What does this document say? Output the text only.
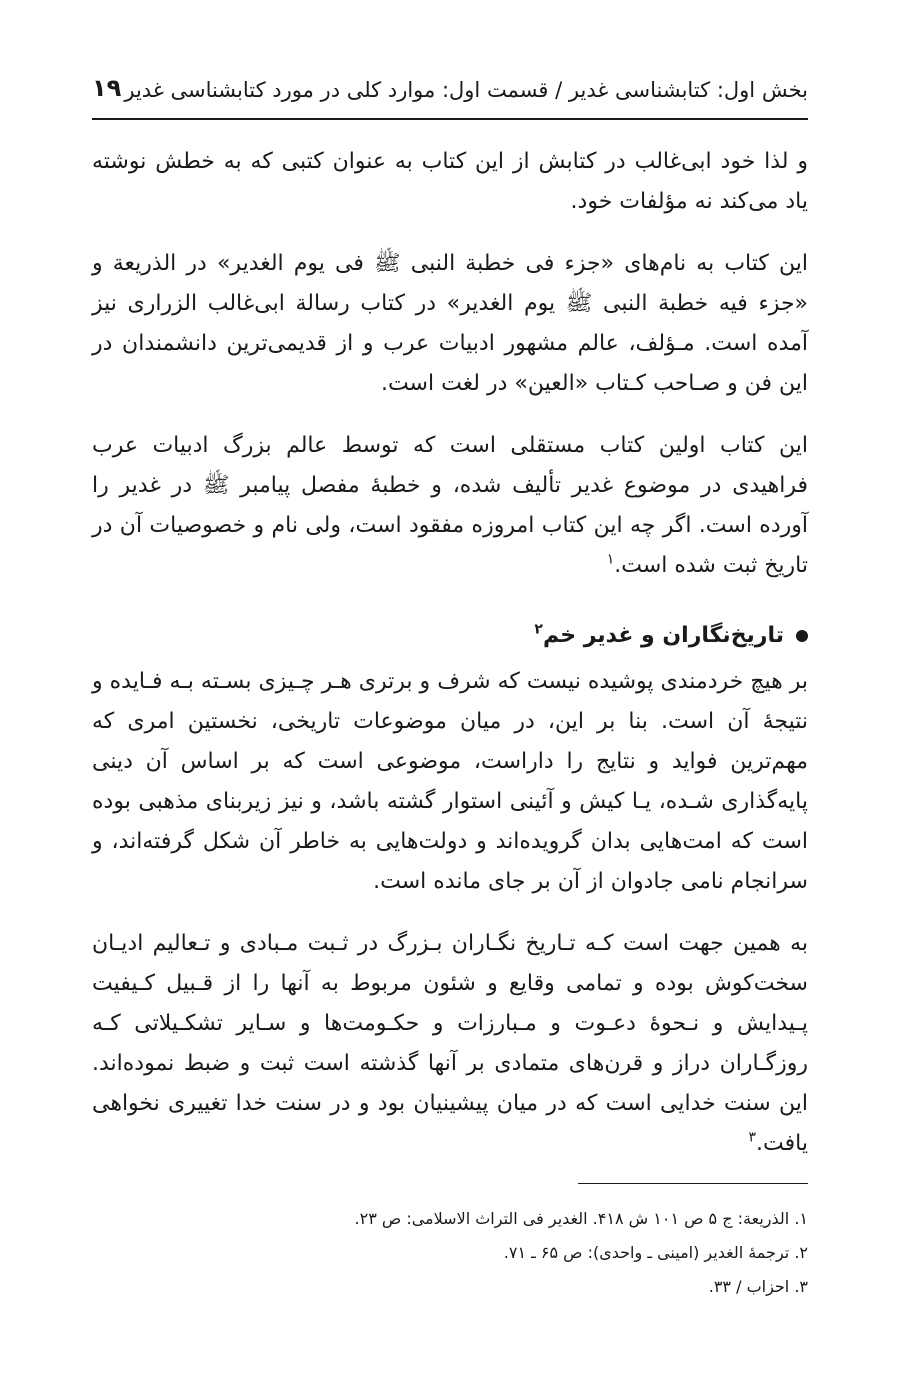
بخش اول: کتابشناسی غدیر / قسمت اول: موارد کلی در مورد کتابشناسی غدیر
۱۹

و لذا خود ابی‌غالب در کتابش از این کتاب به عنوان کتبی که به خطش نوشته یاد می‌کند نه مؤلفات خود.

این کتاب به نام‌های «جزء فی خطبة النبی ﷺ فی یوم الغدیر» در الذریعة و «جزء فیه خطبة النبی ﷺ یوم الغدیر» در کتاب رسالة ابی‌غالب الزراری نیز آمده است. مـؤلف، عالم مشهور ادبیات عرب و از قدیمی‌ترین دانشمندان در این فن و صـاحب کـتاب «العین» در لغت است.

این کتاب اولین کتاب مستقلی است که توسط عالم بزرگ ادبیات عرب فراهیدی در موضوع غدیر تألیف شده، و خطبهٔ مفصل پیامبر ﷺ در غدیر را آورده است. اگر چه این کتاب امروزه مفقود است، ولی نام و خصوصیات آن در تاریخ ثبت شده است.$^۱$

تاریخ‌نگاران و غدیر خم$^۲$

بر هیچ خردمندی پوشیده نیست که شرف و برتری هـر چـیزی بسـته بـه فـایده و نتیجهٔ آن است. بنا بر این، در میان موضوعات تاریخی، نخستین امری که مهم‌ترین فواید و نتایج را داراست، موضوعی است که بر اساس آن دینی پایه‌گذاری شـده، یـا کیش و آئینی استوار گشته باشد، و نیز زیربنای مذهبی بوده است که امت‌هایی بدان گرویده‌اند و دولت‌هایی به خاطر آن شکل گرفته‌اند، و سرانجام نامی جادوان از آن بر جای مانده است.

به همین جهت است کـه تـاریخ نگـاران بـزرگ در ثـبت مـبادی و تـعالیم ادیـان سخت‌کوش بوده و تمامی وقایع و شئون مربوط به آنها را از قـبیل کـیفیت پـیدایش و نـحوهٔ دعـوت و مـبارزات و حکـومت‌ها و سـایر تشکـیلاتی کـه روزگـاران دراز و قرن‌های متمادی بر آنها گذشته است ثبت و ضبط نموده‌اند. این سنت خدایی است که در میان پیشینیان بود و در سنت خدا تغییری نخواهی یافت.$^۳$

۱. الذریعة: ج ۵ ص ۱۰۱ ش ۴۱۸. الغدیر فی التراث الاسلامی: ص ۲۳.
۲. ترجمهٔ الغدیر (امینی ـ واحدی): ص ۶۵ ـ ۷۱.
۳. احزاب / ۳۳.
